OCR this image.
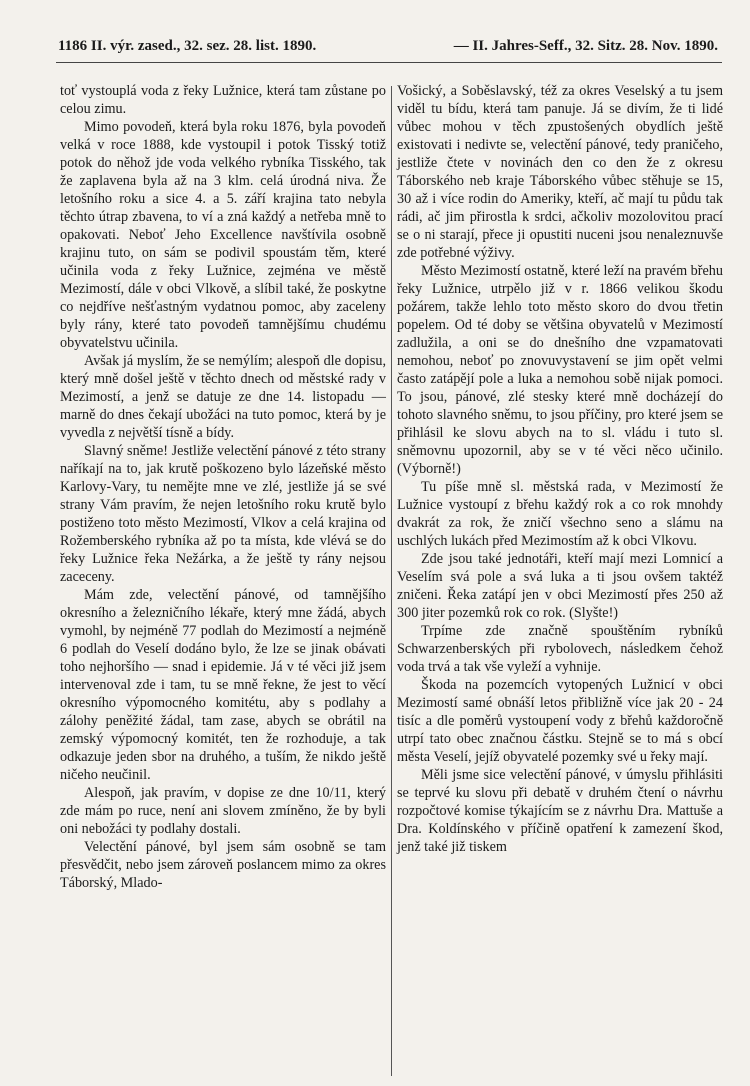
1186 II. výr. zased., 32. sez. 28. list. 1890.	— II. Jahres-Seff., 32. Sitz. 28. Nov. 1890.

toť vystouplá voda z řeky Lužnice, která tam zůstane po celou zimu.

Mimo povodeň, která byla roku 1876, byla povodeň velká v roce 1888, kde vystoupil i potok Tisský totiž potok do něhož jde voda velkého rybníka Tisského, tak že zaplavena byla až na 3 klm. celá úrodná niva. Že letošního roku a sice 4. a 5. září krajina tato nebyla těchto útrap zbavena, to ví a zná každý a netřeba mně to opakovati. Neboť Jeho Excellence navštívila osobně krajinu tuto, on sám se podivil spoustám těm, které učinila voda z řeky Lužnice, zejména ve městě Mezimostí, dále v obci Vlkově, a slíbil také, že poskytne co nejdříve nešťastným vydatnou pomoc, aby zaceleny byly rány, které tato povodeň tamnějšímu chudému obyvatelstvu učinila.

Avšak já myslím, že se nemýlím; alespoň dle dopisu, který mně došel ještě v těchto dnech od městské rady v Mezimostí, a jenž se datuje ze dne 14. listopadu — marně do dnes čekají ubožáci na tuto pomoc, která by je vyvedla z největší tísně a bídy.

Slavný sněme! Jestliže velectění pánové z této strany naříkají na to, jak krutě poškozeno bylo lázeňské město Karlovy-Vary, tu nemějte mne ve zlé, jestliže já se své strany Vám pravím, že nejen letošního roku krutě bylo postiženo toto město Mezimostí, Vlkov a celá krajina od Rožemberského rybníka až po ta místa, kde vlévá se do řeky Lužnice řeka Nežárka, a že ještě ty rány nejsou zaceceny.

Mám zde, velectění pánové, od tamnějšího okresního a železničního lékaře, který mne žádá, abych vymohl, by nejméně 77 podlah do Mezimostí a nejméně 6 podlah do Veselí dodáno bylo, že lze se jinak obávati toho nejhoršího — snad i epidemie. Já v té věci již jsem intervenoval zde i tam, tu se mně řekne, že jest to věcí okresního výpomocného komitétu, aby s podlahy a zálohy peněžité žádal, tam zase, abych se obrátil na zemský výpomocný komitét, ten že rozhoduje, a tak odkazuje jeden sbor na druhého, a tuším, že nikdo ještě ničeho neučinil.

Alespoň, jak pravím, v dopise ze dne 10/11, který zde mám po ruce, není ani slovem zmíněno, že by byli oni nebožáci ty podlahy dostali.

Velectění pánové, byl jsem sám osobně se tam přesvědčit, nebo jsem zároveň poslancem mimo za okres Táborský, Mlado-

Vošický, a Soběslavský, též za okres Veselský a tu jsem viděl tu bídu, která tam panuje. Já se divím, že ti lidé vůbec mohou v těch zpustošených obydlích ještě existovati i nedivte se, velectění pánové, tedy praničeho, jestliže čtete v novinách den co den že z okresu Táborského neb kraje Táborského vůbec stěhuje se 15, 30 až i více rodin do Ameriky, kteří, ač mají tu půdu tak rádi, ač jim přirostla k srdci, ačkoliv mozolovitou prací se o ni starají, přece ji opustiti nuceni jsou nenaleznuvše zde potřebné výživy.

Město Mezimostí ostatně, které leží na pravém břehu řeky Lužnice, utrpělo již v r. 1866 velikou škodu požárem, takže lehlo toto město skoro do dvou třetin popelem. Od té doby se většina obyvatelů v Mezimostí zadlužila, a oni se do dnešního dne vzpamatovati nemohou, neboť po znovuvystavení se jim opět velmi často zatápějí pole a luka a nemohou sobě nijak pomoci. To jsou, pánové, zlé stesky které mně docházejí do tohoto slavného sněmu, to jsou příčiny, pro které jsem se přihlásil ke slovu abych na to sl. vládu i tuto sl. sněmovnu upozornil, aby se v té věci něco učinilo. (Výborně!)

Tu píše mně sl. městská rada, v Mezimostí že Lužnice vystoupí z břehu každý rok a co rok mnohdy dvakrát za rok, že zničí všechno seno a slámu na uschlých lukách před Mezimostím až k obci Vlkovu.

Zde jsou také jednotáři, kteří mají mezi Lomnicí a Veselím svá pole a svá luka a ti jsou ovšem taktéž zničeni. Řeka zatápí jen v obci Mezimostí přes 250 až 300 jiter pozemků rok co rok. (Slyšte!)

Trpíme zde značně spouštěním rybníků Schwarzenberských při rybolovech, následkem čehož voda trvá a tak vše vyleží a vyhnije.

Škoda na pozemcích vytopených Lužnicí v obci Mezimostí samé obnáší letos přibližně více jak 20 - 24 tisíc a dle poměrů vystoupení vody z břehů každoročně utrpí tato obec značnou částku. Stejně se to má s obcí města Veselí, jejíž obyvatelé pozemky své u řeky mají.

Měli jsme sice velectění pánové, v úmyslu přihlásiti se teprvé ku slovu při debatě v druhém čtení o návrhu rozpočtové komise týkajícím se z návrhu Dra. Mattuše a Dra. Koldínského v příčině opatření k zamezení škod, jenž také již tiskem
